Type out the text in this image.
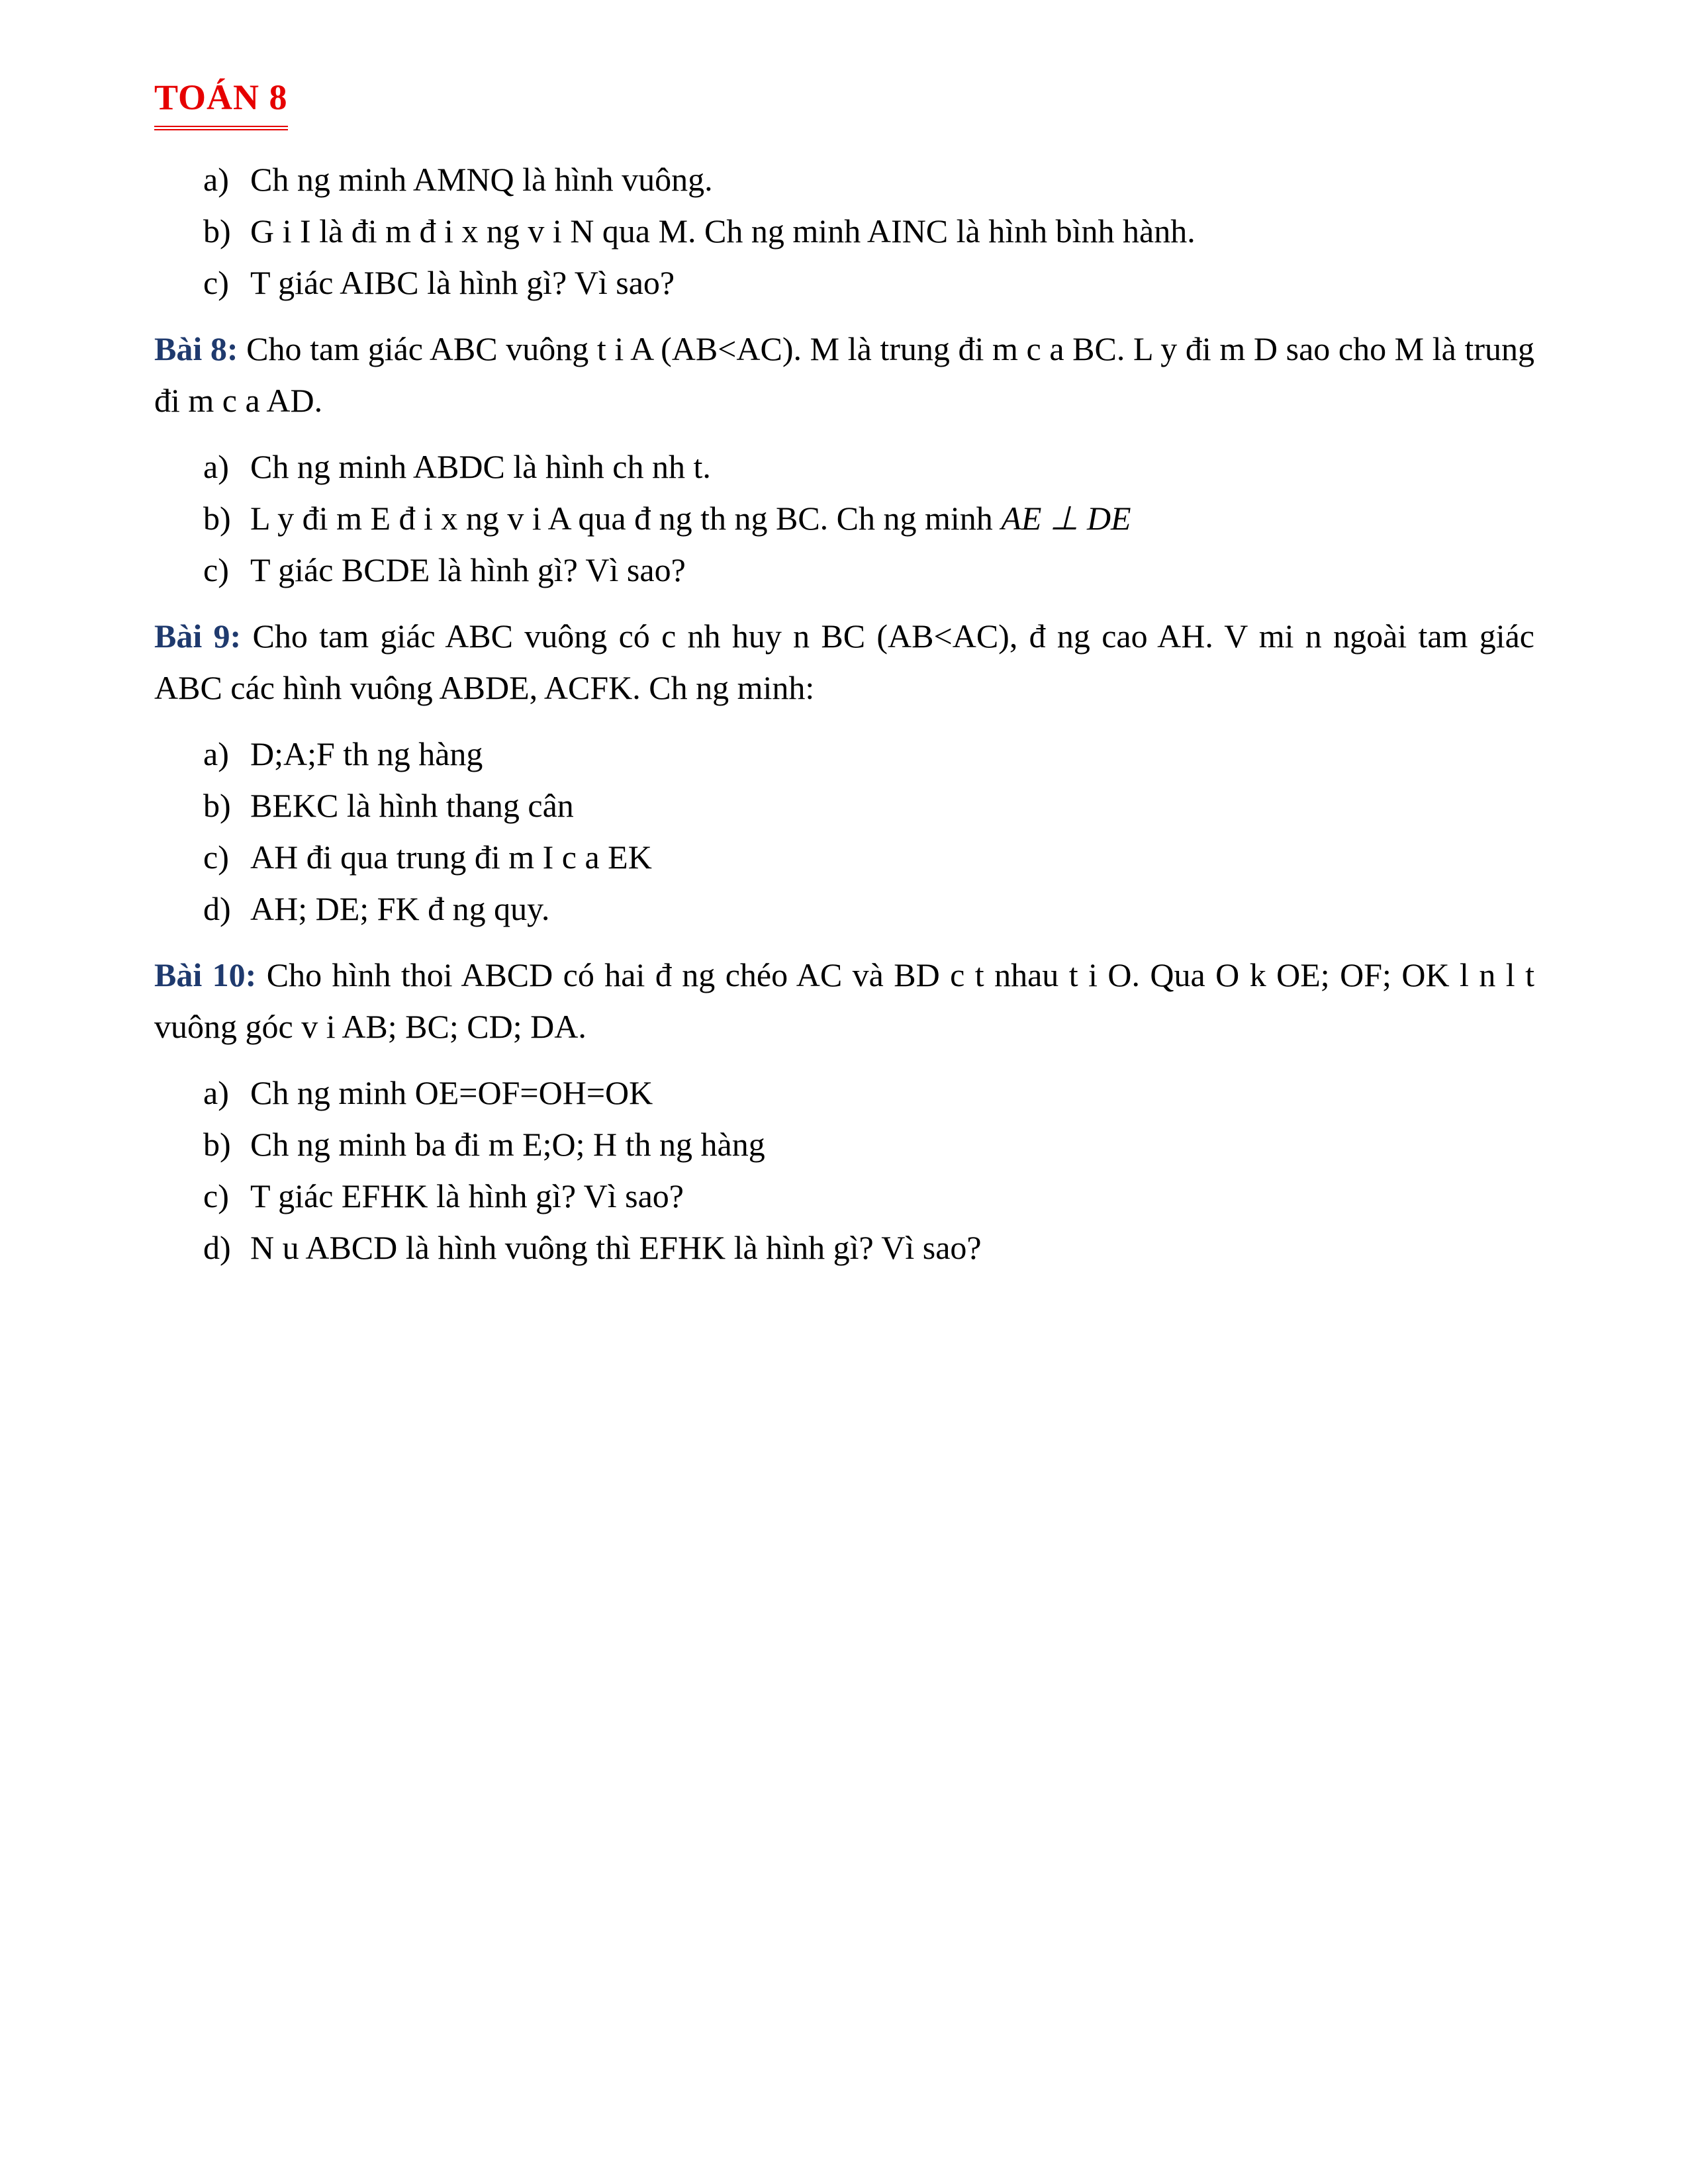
TOÁN 8
a) Ch ng minh AMNQ là hình vuông.
b) G i I là đi m đ i x ng v i N qua M. Ch ng minh AINC là hình bình hành.
c) T giác AIBC là hình gì? Vì sao?
Bài 8: Cho tam giác ABC vuông t i A (AB<AC). M là trung đi m c a BC. L y đi m D sao cho M là trung đi m c a AD.
a) Ch ng minh ABDC là hình ch nh t.
b) L y đi m E đ i x ng v i A qua đ ng th ng BC. Ch ng minh AE ⊥ DE
c) T giác BCDE là hình gì? Vì sao?
Bài 9: Cho tam giác ABC vuông có c nh huy n BC (AB<AC), đ ng cao AH. V mi n ngoài tam giác ABC các hình vuông ABDE, ACFK. Ch ng minh:
a) D;A;F th ng hàng
b) BEKC là hình thang cân
c) AH đi qua trung đi m I c a EK
d) AH; DE; FK đ ng quy.
Bài 10: Cho hình thoi ABCD có hai đ ng chéo AC và BD c t nhau t i O. Qua O k OE; OF; OK l n l t vuông góc v i AB; BC; CD; DA.
a) Ch ng minh OE=OF=OH=OK
b) Ch ng minh ba đi m E;O; H th ng hàng
c) T giác EFHK là hình gì? Vì sao?
d) N u ABCD là hình vuông thì EFHK là hình gì? Vì sao?
